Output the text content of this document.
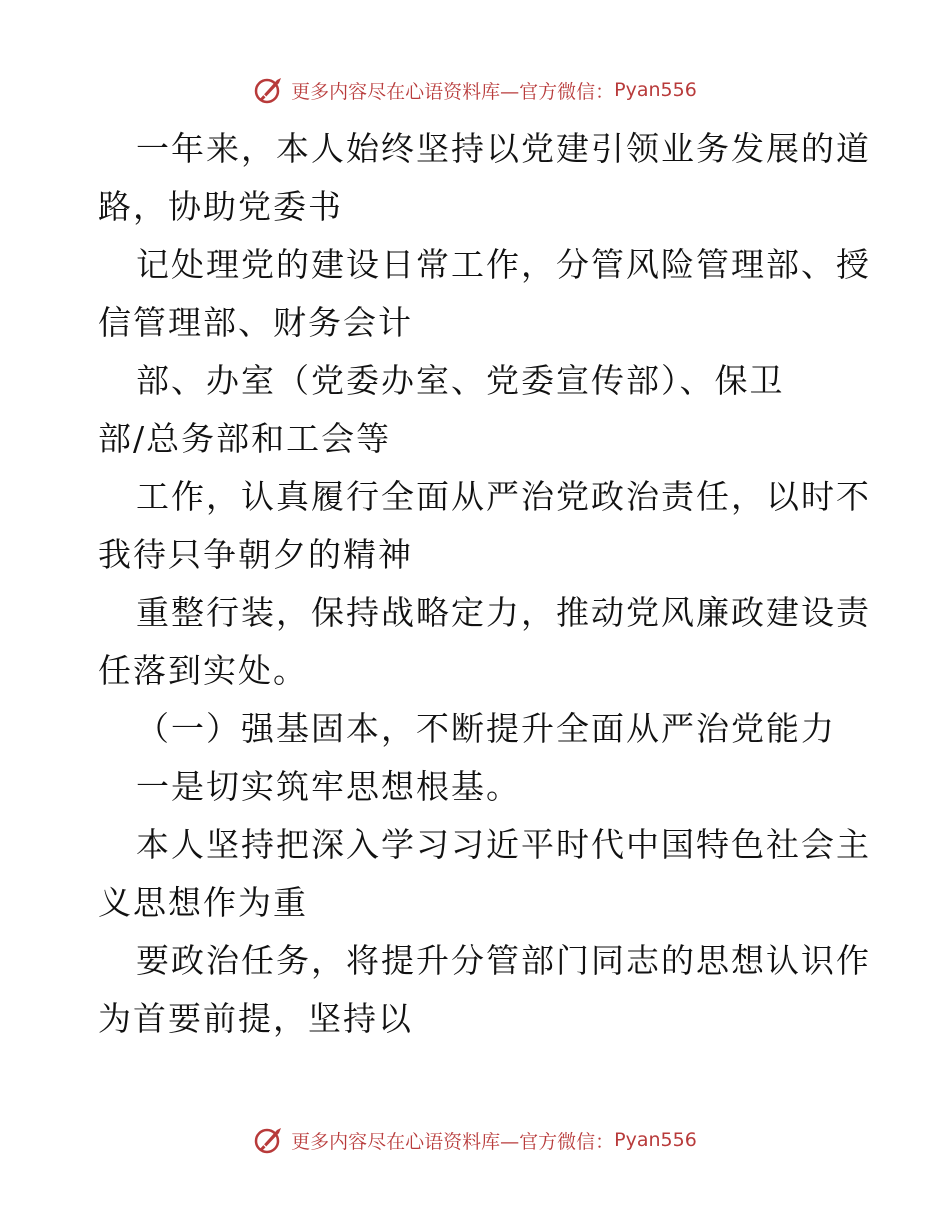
更多内容尽在心语资料库—官方微信： Pyan556
一年来，本人始终坚持以党建引领业务发展的道
路，协助党委书
记处理党的建设日常工作，分管风险管理部、授
信管理部、财务会计
部、办室（党委办室、党委宣传部）、保卫
部/总务部和工会等
工作，认真履行全面从严治党政治责任，以时不
我待只争朝夕的精神
重整行装，保持战略定力，推动党风廉政建设责
任落到实处。
（一）强基固本，不断提升全面从严治党能力
一是切实筑牢思想根基。
本人坚持把深入学习习近平时代中国特色社会主
义思想作为重
要政治任务，将提升分管部门同志的思想认识作
为首要前提，坚持以
更多内容尽在心语资料库—官方微信： Pyan556
